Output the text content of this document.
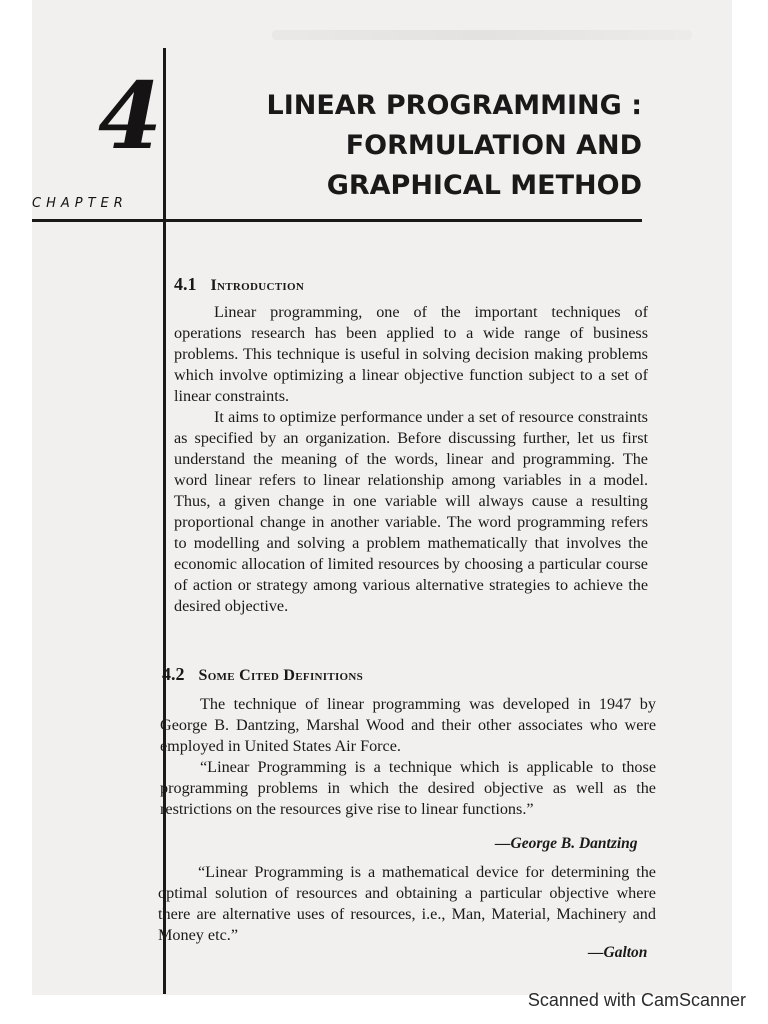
4
CHAPTER
LINEAR PROGRAMMING :
FORMULATION AND
GRAPHICAL METHOD
4.1 Introduction

Linear programming, one of the important techniques of operations research has been applied to a wide range of business problems. This technique is useful in solving decision making problems which involve optimizing a linear objective function subject to a set of linear constraints.

It aims to optimize performance under a set of resource constraints as specified by an organization. Before discussing further, let us first understand the meaning of the words, linear and programming. The word linear refers to linear relationship among variables in a model. Thus, a given change in one variable will always cause a resulting proportional change in another variable. The word programming refers to modelling and solving a problem mathematically that involves the economic allocation of limited resources by choosing a particular course of action or strategy among various alternative strategies to achieve the desired objective.

4.2 Some Cited Definitions

The technique of linear programming was developed in 1947 by George B. Dantzing, Marshal Wood and their other associates who were employed in United States Air Force.

“Linear Programming is a technique which is applicable to those programming problems in which the desired objective as well as the restrictions on the resources give rise to linear functions.”

—George B. Dantzing

“Linear Programming is a mathematical device for determining the optimal solution of resources and obtaining a particular objective where there are alternative uses of resources, i.e., Man, Material, Machinery and Money etc.”

—Galton
Scanned with CamScanner
